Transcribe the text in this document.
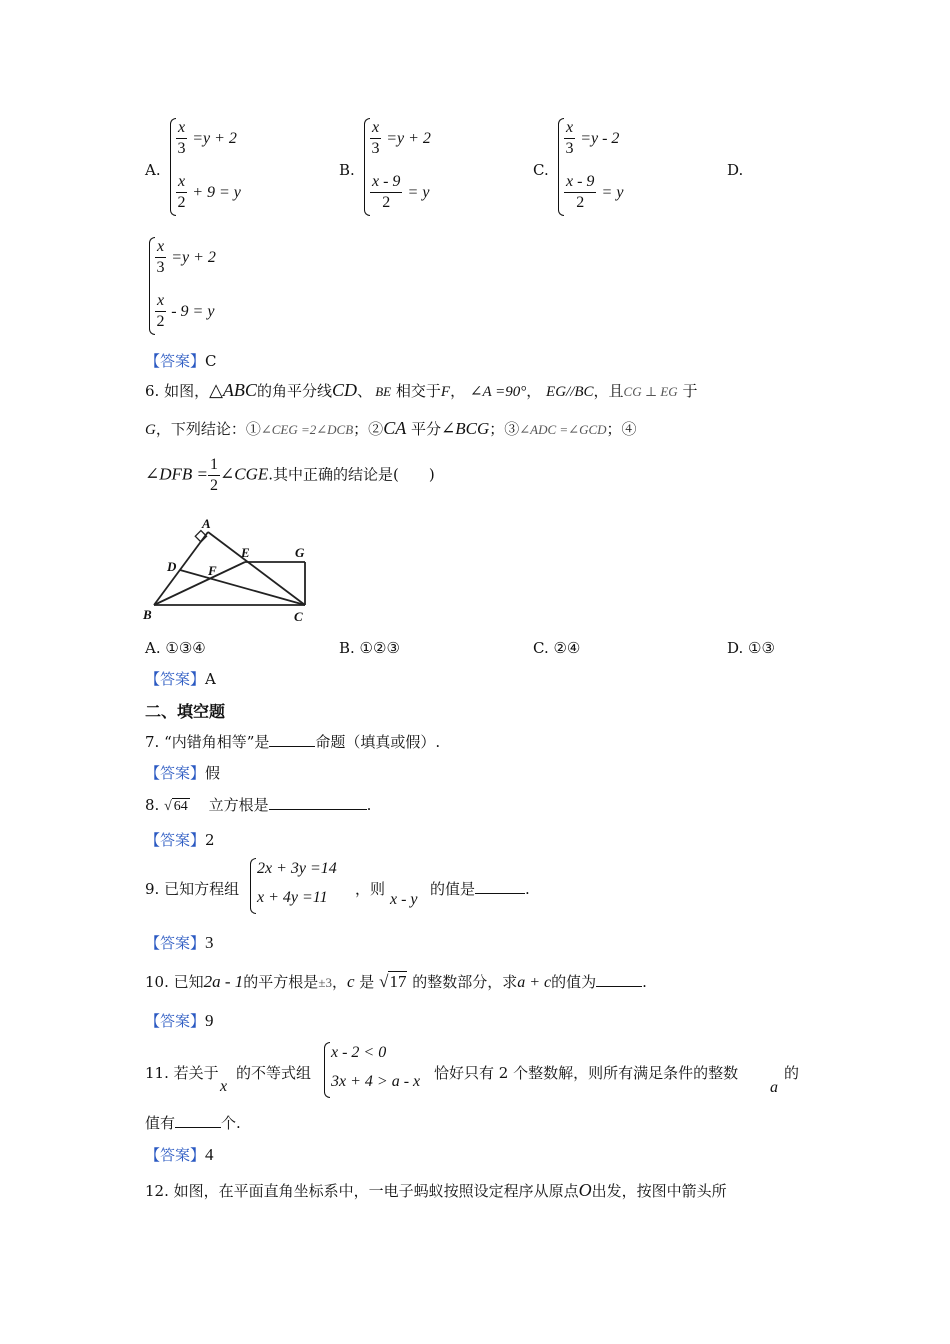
A.
$\frac{x}{3} =y + 2$
$\frac{x}{2} + 9 = y$
B.
$\frac{x}{3} =y + 2$
$\frac{x - 9}{2} = y$
C.
$\frac{x}{3} =y - 2$
$\frac{x - 9}{2} = y$
D.
$\frac{x}{3} =y + 2$
$\frac{x}{2} - 9 = y$
【答案】C
6. 如图，△ABC的角平分线CD、 BE 相交于F， ∠A =90°， EG//BC，且CG ⊥ EG 于
G，下列结论：①∠CEG =2∠DCB；②CA 平分∠BCG；③∠ADC =∠GCD；④
∠DFB = $\frac{1}{2}$ ∠CGE.其中正确的结论是(　　)
A
B	C
D
E
F
G
A. ①③④	B. ①②③	C. ②④	D. ①③
【答案】A
二、填空题
7. “内错角相等”是	命题（填真或假）.
【答案】假
8. √ 64 立方根是	.
【答案】2
9. 已知方程组
2x + 3y =14
x + 4y =11 ，则
x - y
的值是	.
【答案】3
10. 已知2a - 1的平方根是±3，c 是 √17 的整数部分，求a + c的值为	.
【答案】9
11. 若关于
x
的不等式组
x - 2 < 0
3x + 4 > a - x 恰好只有 2 个整数解，则所有满足条件的整数
a
的
值有	个.
【答案】4
12. 如图，在平面直角坐标系中，一电子蚂蚁按照设定程序从原点O出发，按图中箭头所
